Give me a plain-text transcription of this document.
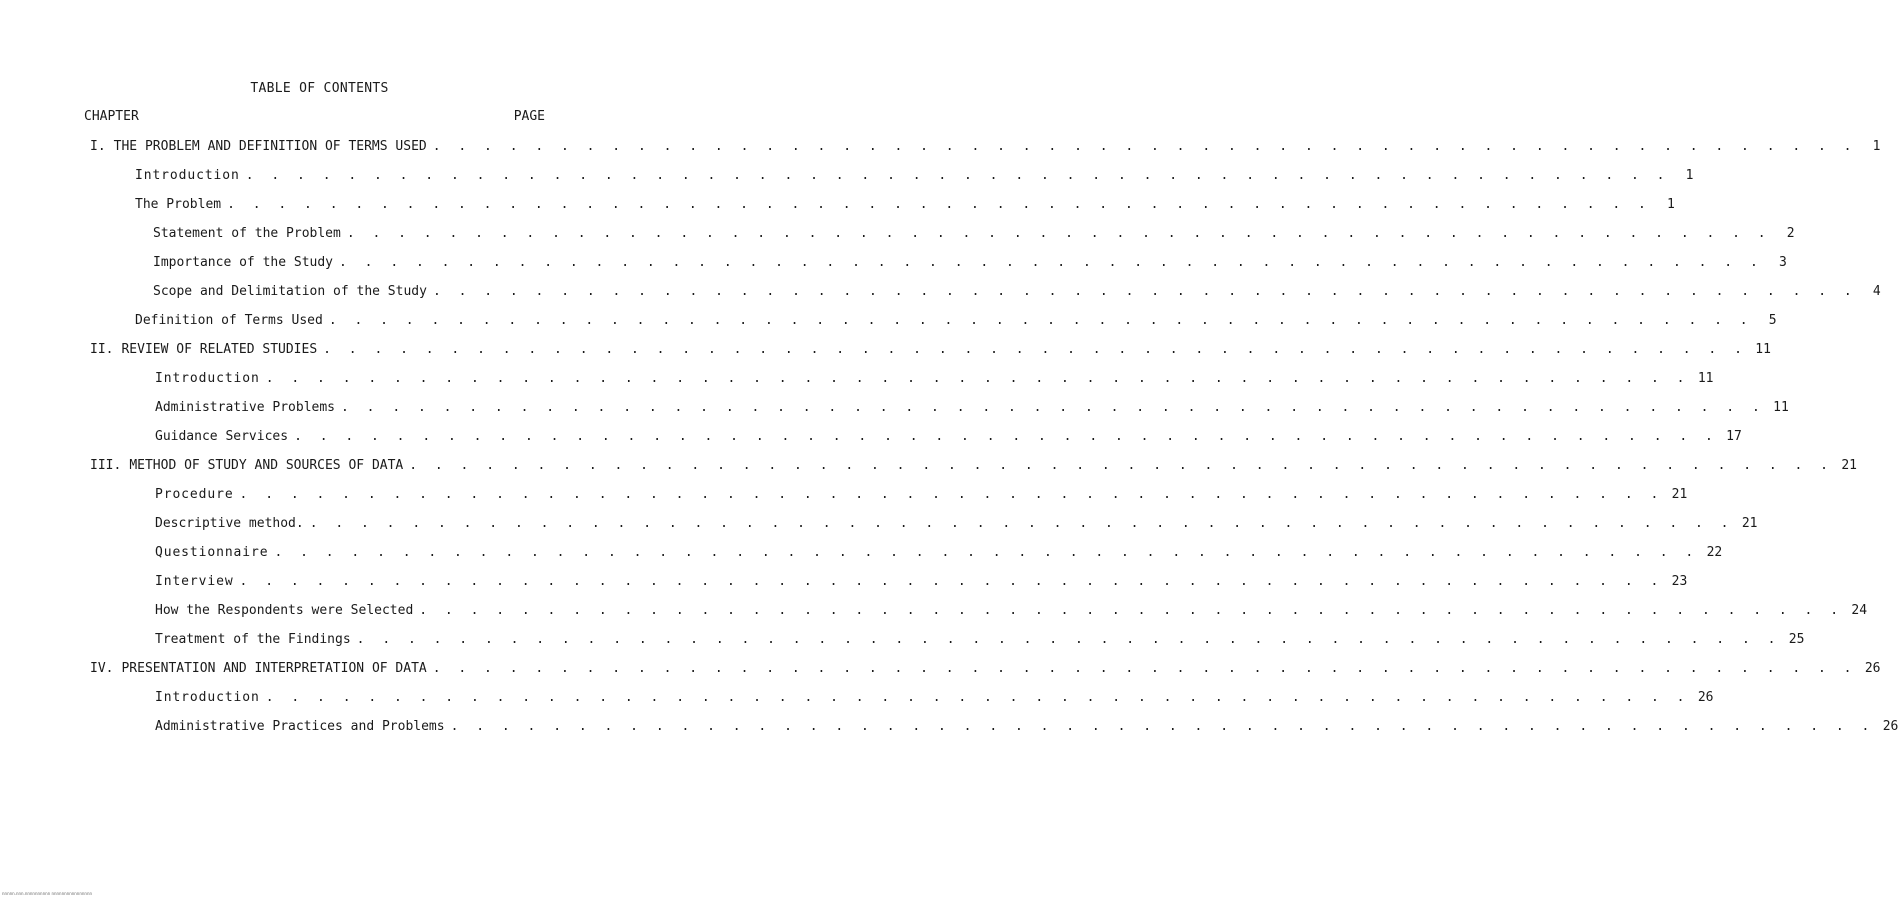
TABLE OF CONTENTS
CHAPTER	PAGE
I. THE PROBLEM AND DEFINITION OF TERMS USED . . . . . . . . . . . . . . . . . . . . . . . . . . . . . . . . . . . . . . . . . . . . . . . . . . . . . . . .	1
Introduction . . . . . . . . . . . . . . . . . . . . . . . . . . . . . . . . . . . . . . . . . . . . . . . . . . . . . . . .	1
The Problem . . . . . . . . . . . . . . . . . . . . . . . . . . . . . . . . . . . . . . . . . . . . . . . . . . . . . . . .	1
Statement of the Problem . . . . . . . . . . . . . . . . . . . . . . . . . . . . . . . . . . . . . . . . . . . . . . . . . . . . . . . .	2
Importance of the Study . . . . . . . . . . . . . . . . . . . . . . . . . . . . . . . . . . . . . . . . . . . . . . . . . . . . . . . .	3
Scope and Delimitation of the Study . . . . . . . . . . . . . . . . . . . . . . . . . . . . . . . . . . . . . . . . . . . . . . . . . . . . . . . .	4
Definition of Terms Used . . . . . . . . . . . . . . . . . . . . . . . . . . . . . . . . . . . . . . . . . . . . . . . . . . . . . . . .	5
II. REVIEW OF RELATED STUDIES . . . . . . . . . . . . . . . . . . . . . . . . . . . . . . . . . . . . . . . . . . . . . . . . . . . . . . . . 11
Introduction . . . . . . . . . . . . . . . . . . . . . . . . . . . . . . . . . . . . . . . . . . . . . . . . . . . . . . . . 11
Administrative Problems . . . . . . . . . . . . . . . . . . . . . . . . . . . . . . . . . . . . . . . . . . . . . . . . . . . . . . . . 11
Guidance Services . . . . . . . . . . . . . . . . . . . . . . . . . . . . . . . . . . . . . . . . . . . . . . . . . . . . . . . . 17
III. METHOD OF STUDY AND SOURCES OF DATA . . . . . . . . . . . . . . . . . . . . . . . . . . . . . . . . . . . . . . . . . . . . . . . . . . . . . . . . 21
Procedure . . . . . . . . . . . . . . . . . . . . . . . . . . . . . . . . . . . . . . . . . . . . . . . . . . . . . . . . 21
Descriptive method. . . . . . . . . . . . . . . . . . . . . . . . . . . . . . . . . . . . . . . . . . . . . . . . . . . . . . . . . 21
Questionnaire . . . . . . . . . . . . . . . . . . . . . . . . . . . . . . . . . . . . . . . . . . . . . . . . . . . . . . . . 22
Interview . . . . . . . . . . . . . . . . . . . . . . . . . . . . . . . . . . . . . . . . . . . . . . . . . . . . . . . . 23
How the Respondents were Selected . . . . . . . . . . . . . . . . . . . . . . . . . . . . . . . . . . . . . . . . . . . . . . . . . . . . . . . . 24
Treatment of the Findings . . . . . . . . . . . . . . . . . . . . . . . . . . . . . . . . . . . . . . . . . . . . . . . . . . . . . . . . 25
IV. PRESENTATION AND INTERPRETATION OF DATA . . . . . . . . . . . . . . . . . . . . . . . . . . . . . . . . . . . . . . . . . . . . . . . . . . . . . . . . 26
Introduction . . . . . . . . . . . . . . . . . . . . . . . . . . . . . . . . . . . . . . . . . . . . . . . . . . . . . . . . 26
Administrative Practices and Problems . . . . . . . . . . . . . . . . . . . . . . . . . . . . . . . . . . . . . . . . . . . . . . . . . . . . . . . . 26
nnnnn.nnn.nnnnnnnnnn nnnnnnnnnnnnnnnn
